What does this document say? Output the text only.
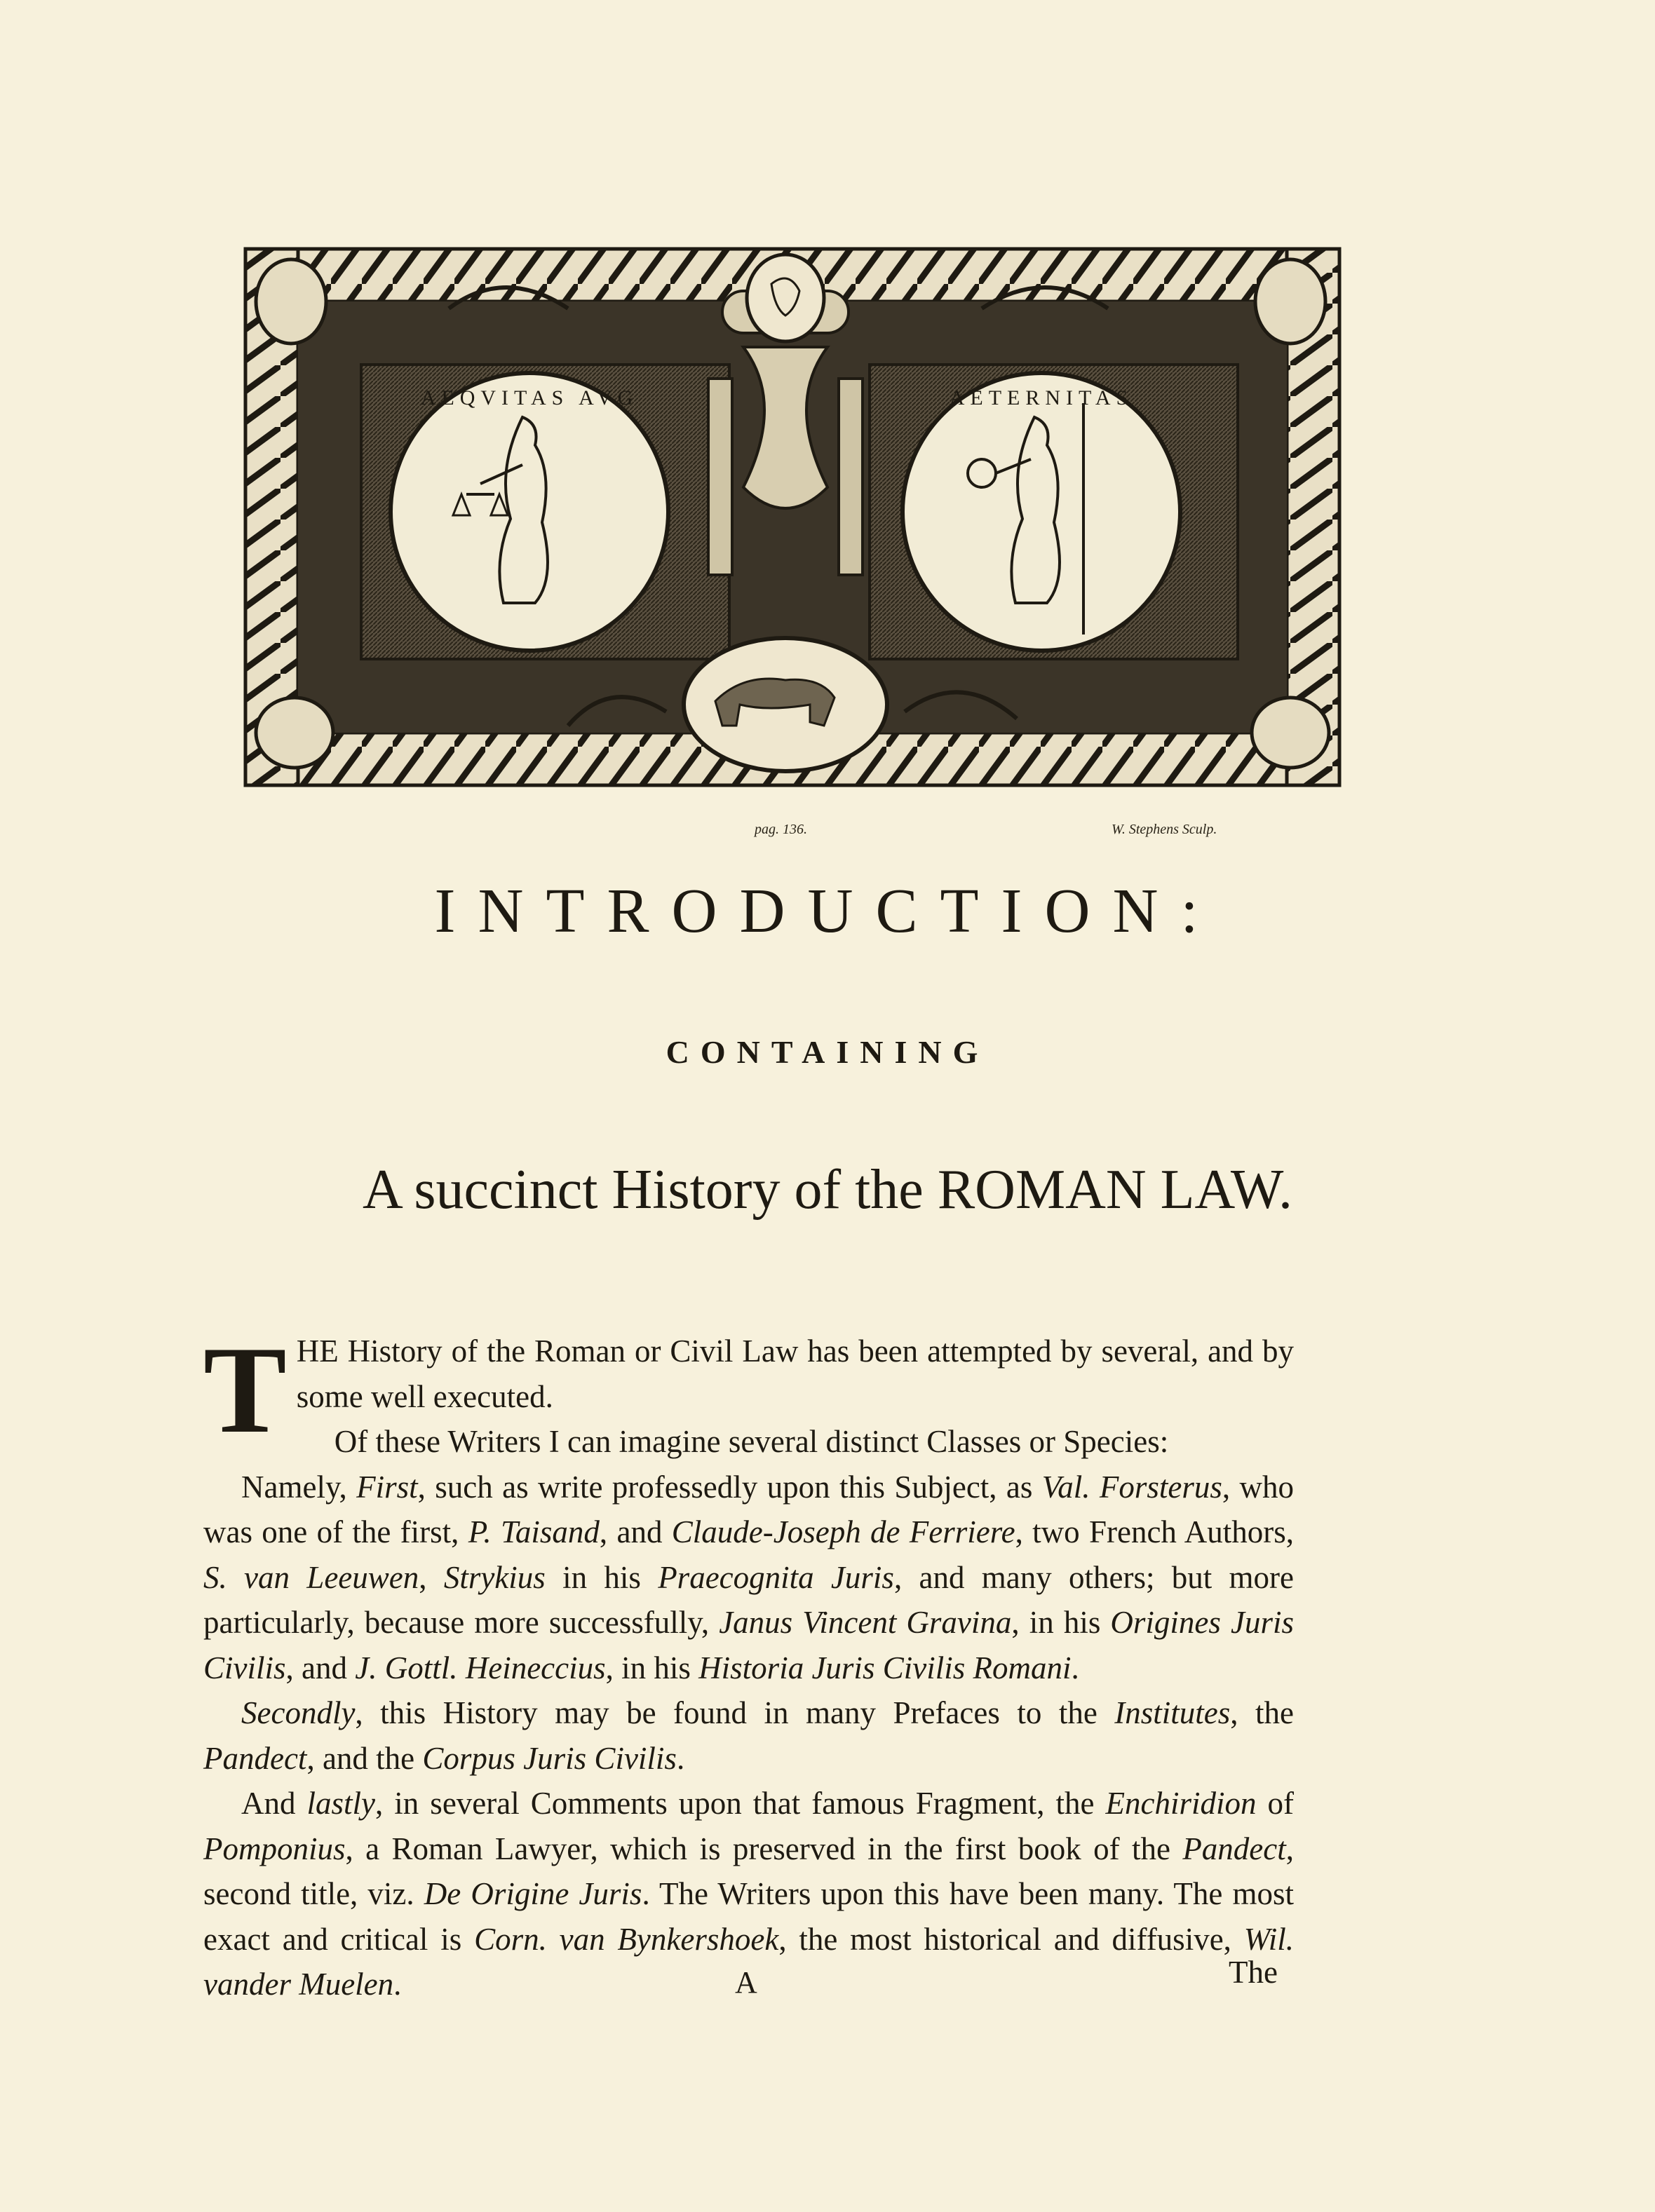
AEQVITAS AVG	AETERNITAS
pag. 136.	W. Stephens Sculp.
INTRODUCTION:
CONTAINING
A succinct History of the ROMAN LAW.

THE History of the Roman or Civil Law has been attempted by several, and by some well executed.

Of these Writers I can imagine several distinct Classes or Species:

Namely, First, such as write professedly upon this Subject, as Val. Forsterus, who was one of the first, P. Taisand, and Claude-Joseph de Ferriere, two French Authors, S. van Leeuwen, Strykius in his Praecognita Juris, and many others; but more particularly, because more successfully, Janus Vincent Gravina, in his Origines Juris Civilis, and J. Gottl. Heineccius, in his Historia Juris Civilis Romani.

Secondly, this History may be found in many Prefaces to the Institutes, the Pandect, and the Corpus Juris Civilis.

And lastly, in several Comments upon that famous Fragment, the Enchiridion of Pomponius, a Roman Lawyer, which is preserved in the first book of the Pandect, second title, viz. De Origine Juris. The Writers upon this have been many. The most exact and critical is Corn. van Bynkershoek, the most historical and diffusive, Wil. vander Muelen.	A	The
